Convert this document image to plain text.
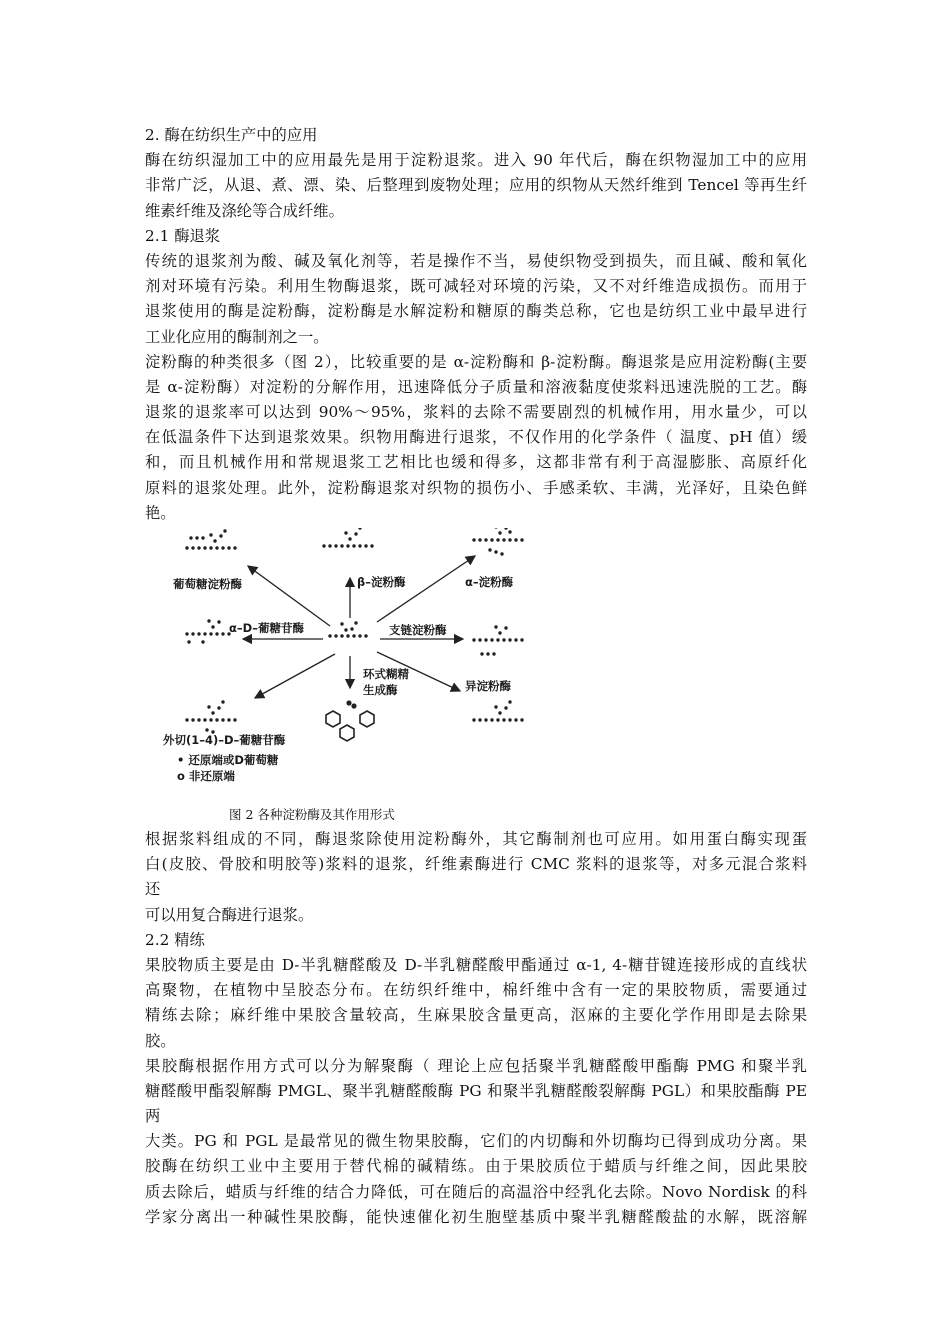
2. 酶在纺织生产中的应用
酶在纺织湿加工中的应用最先是用于淀粉退浆。进入 90 年代后，酶在织物湿加工中的应用
非常广泛，从退、煮、漂、染、后整理到废物处理；应用的织物从天然纤维到 Tencel 等再生纤
维素纤维及涤纶等合成纤维。
2.1 酶退浆
传统的退浆剂为酸、碱及氧化剂等，若是操作不当，易使织物受到损失，而且碱、酸和氧化
剂对环境有污染。利用生物酶退浆，既可减轻对环境的污染，又不对纤维造成损伤。而用于
退浆使用的酶是淀粉酶，淀粉酶是水解淀粉和糖原的酶类总称，它也是纺织工业中最早进行
工业化应用的酶制剂之一。
淀粉酶的种类很多（图 2），比较重要的是 α-淀粉酶和 β-淀粉酶。酶退浆是应用淀粉酶(主要
是 α-淀粉酶）对淀粉的分解作用，迅速降低分子质量和溶液黏度使浆料迅速洗脱的工艺。酶
退浆的退浆率可以达到 90%～95%，浆料的去除不需要剧烈的机械作用，用水量少，可以
在低温条件下达到退浆效果。织物用酶进行退浆，不仅作用的化学条件（ 温度、pH 值）缓
和，而且机械作用和常规退浆工艺相比也缓和得多，这都非常有利于高湿膨胀、高原纤化
原料的退浆处理。此外，淀粉酶退浆对织物的损伤小、手感柔软、丰满，光泽好，且染色鲜
艳。
葡萄糖淀粉酶	β–淀粉酶	α–淀粉酶
α–D–葡糖苷酶	支链淀粉酶
环式糊精
生成酶	异淀粉酶
外切(1–4)–D–葡糖苷酶
• 还原端或D葡萄糖
ο 非还原端
图 2 各种淀粉酶及其作用形式
根据浆料组成的不同，酶退浆除使用淀粉酶外，其它酶制剂也可应用。如用蛋白酶实现蛋
白(皮胶、骨胶和明胶等)浆料的退浆，纤维素酶进行 CMC 浆料的退浆等，对多元混合浆料
还
可以用复合酶进行退浆。
2.2 精练
果胶物质主要是由 D-半乳糖醛酸及 D-半乳糖醛酸甲酯通过 α-1, 4-糖苷键连接形成的直线状
高聚物，在植物中呈胶态分布。在纺织纤维中，棉纤维中含有一定的果胶物质，需要通过
精练去除；麻纤维中果胶含量较高，生麻果胶含量更高，沤麻的主要化学作用即是去除果
胶。
果胶酶根据作用方式可以分为解聚酶（ 理论上应包括聚半乳糖醛酸甲酯酶 PMG 和聚半乳
糖醛酸甲酯裂解酶 PMGL、聚半乳糖醛酸酶 PG 和聚半乳糖醛酸裂解酶 PGL）和果胶酯酶 PE
两
大类。PG 和 PGL 是最常见的微生物果胶酶，它们的内切酶和外切酶均已得到成功分离。果
胶酶在纺织工业中主要用于替代棉的碱精练。由于果胶质位于蜡质与纤维之间，因此果胶
质去除后，蜡质与纤维的结合力降低，可在随后的高温浴中经乳化去除。Novo Nordisk 的科
学家分离出一种碱性果胶酶，能快速催化初生胞壁基质中聚半乳糖醛酸盐的水解，既溶解
